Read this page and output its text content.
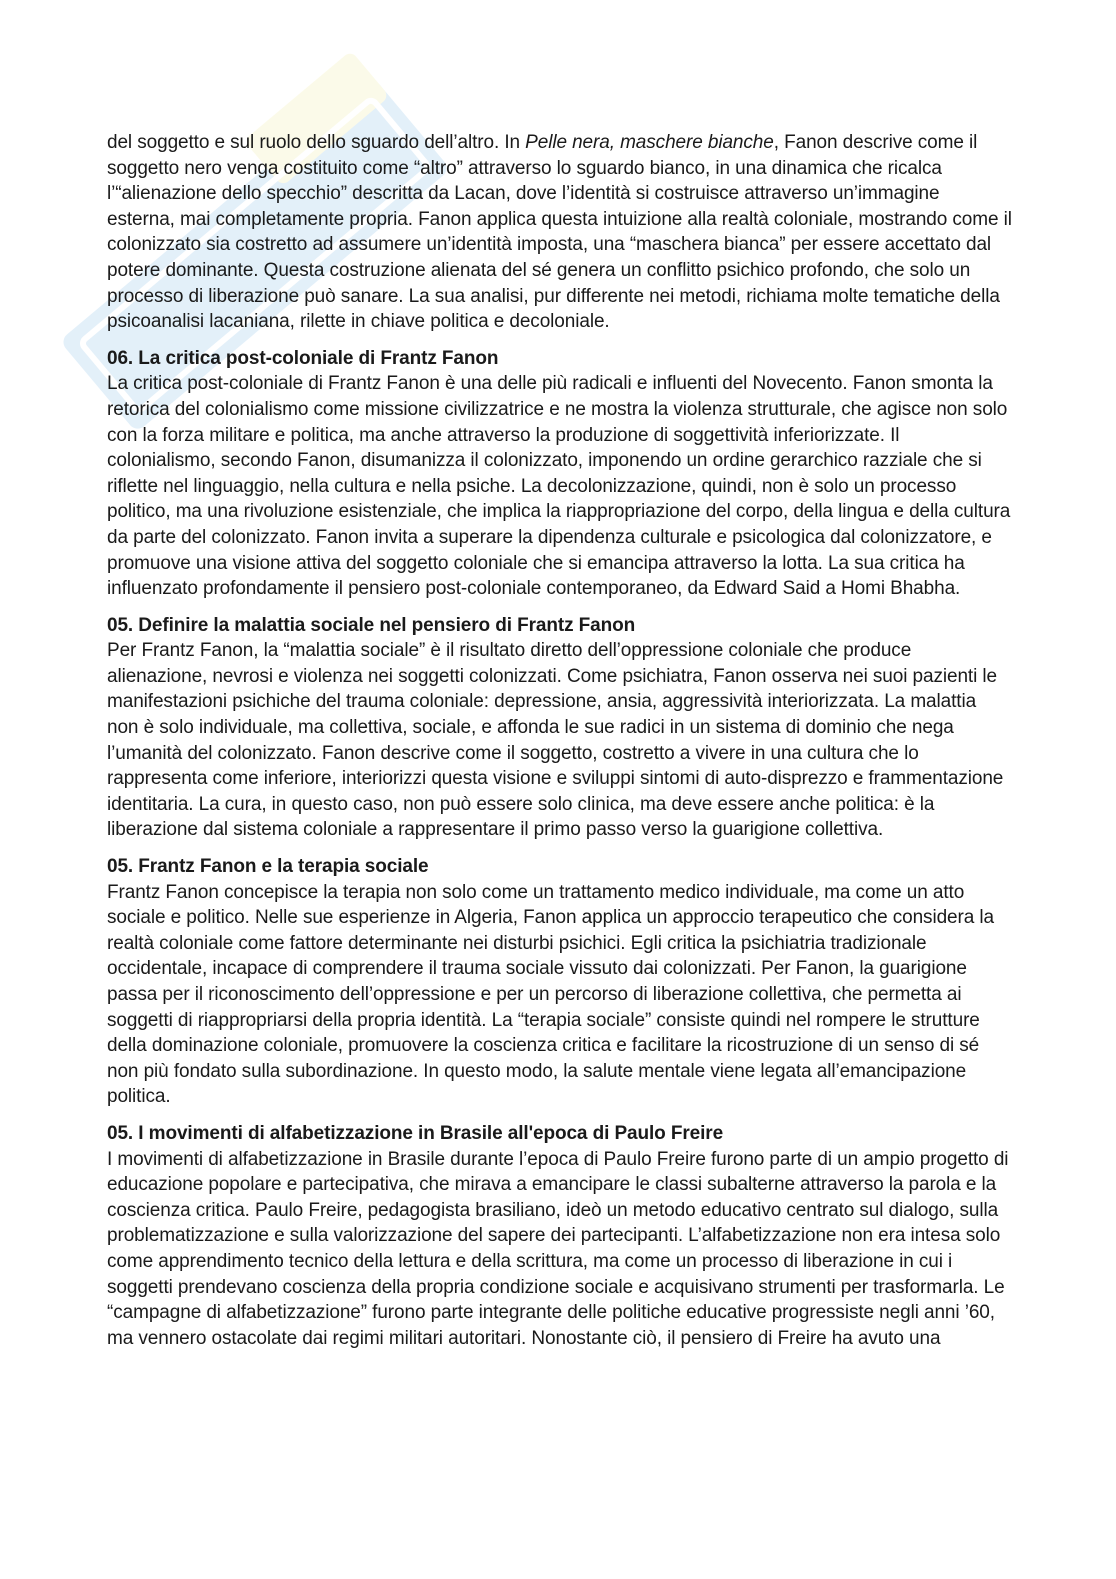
del soggetto e sul ruolo dello sguardo dell’altro. In Pelle nera, maschere bianche, Fanon descrive come il soggetto nero venga costituito come “altro” attraverso lo sguardo bianco, in una dinamica che ricalca l’“alienazione dello specchio” descritta da Lacan, dove l’identità si costruisce attraverso un’immagine esterna, mai completamente propria. Fanon applica questa intuizione alla realtà coloniale, mostrando come il colonizzato sia costretto ad assumere un’identità imposta, una “maschera bianca” per essere accettato dal potere dominante. Questa costruzione alienata del sé genera un conflitto psichico profondo, che solo un processo di liberazione può sanare. La sua analisi, pur differente nei metodi, richiama molte tematiche della psicoanalisi lacaniana, rilette in chiave politica e decoloniale.

06. La critica post-coloniale di Frantz Fanon

La critica post-coloniale di Frantz Fanon è una delle più radicali e influenti del Novecento. Fanon smonta la retorica del colonialismo come missione civilizzatrice e ne mostra la violenza strutturale, che agisce non solo con la forza militare e politica, ma anche attraverso la produzione di soggettività inferiorizzate. Il colonialismo, secondo Fanon, disumanizza il colonizzato, imponendo un ordine gerarchico razziale che si riflette nel linguaggio, nella cultura e nella psiche. La decolonizzazione, quindi, non è solo un processo politico, ma una rivoluzione esistenziale, che implica la riappropriazione del corpo, della lingua e della cultura da parte del colonizzato. Fanon invita a superare la dipendenza culturale e psicologica dal colonizzatore, e promuove una visione attiva del soggetto coloniale che si emancipa attraverso la lotta. La sua critica ha influenzato profondamente il pensiero post-coloniale contemporaneo, da Edward Said a Homi Bhabha.

05. Definire la malattia sociale nel pensiero di Frantz Fanon

Per Frantz Fanon, la “malattia sociale” è il risultato diretto dell’oppressione coloniale che produce alienazione, nevrosi e violenza nei soggetti colonizzati. Come psichiatra, Fanon osserva nei suoi pazienti le manifestazioni psichiche del trauma coloniale: depressione, ansia, aggressività interiorizzata. La malattia non è solo individuale, ma collettiva, sociale, e affonda le sue radici in un sistema di dominio che nega l’umanità del colonizzato. Fanon descrive come il soggetto, costretto a vivere in una cultura che lo rappresenta come inferiore, interiorizzi questa visione e sviluppi sintomi di auto-disprezzo e frammentazione identitaria. La cura, in questo caso, non può essere solo clinica, ma deve essere anche politica: è la liberazione dal sistema coloniale a rappresentare il primo passo verso la guarigione collettiva.

05. Frantz Fanon e la terapia sociale

Frantz Fanon concepisce la terapia non solo come un trattamento medico individuale, ma come un atto sociale e politico. Nelle sue esperienze in Algeria, Fanon applica un approccio terapeutico che considera la realtà coloniale come fattore determinante nei disturbi psichici. Egli critica la psichiatria tradizionale occidentale, incapace di comprendere il trauma sociale vissuto dai colonizzati. Per Fanon, la guarigione passa per il riconoscimento dell’oppressione e per un percorso di liberazione collettiva, che permetta ai soggetti di riappropriarsi della propria identità. La “terapia sociale” consiste quindi nel rompere le strutture della dominazione coloniale, promuovere la coscienza critica e facilitare la ricostruzione di un senso di sé non più fondato sulla subordinazione. In questo modo, la salute mentale viene legata all’emancipazione politica.

05. I movimenti di alfabetizzazione in Brasile all'epoca di Paulo Freire

I movimenti di alfabetizzazione in Brasile durante l’epoca di Paulo Freire furono parte di un ampio progetto di educazione popolare e partecipativa, che mirava a emancipare le classi subalterne attraverso la parola e la coscienza critica. Paulo Freire, pedagogista brasiliano, ideò un metodo educativo centrato sul dialogo, sulla problematizzazione e sulla valorizzazione del sapere dei partecipanti. L’alfabetizzazione non era intesa solo come apprendimento tecnico della lettura e della scrittura, ma come un processo di liberazione in cui i soggetti prendevano coscienza della propria condizione sociale e acquisivano strumenti per trasformarla. Le “campagne di alfabetizzazione” furono parte integrante delle politiche educative progressiste negli anni ’60, ma vennero ostacolate dai regimi militari autoritari. Nonostante ciò, il pensiero di Freire ha avuto una
